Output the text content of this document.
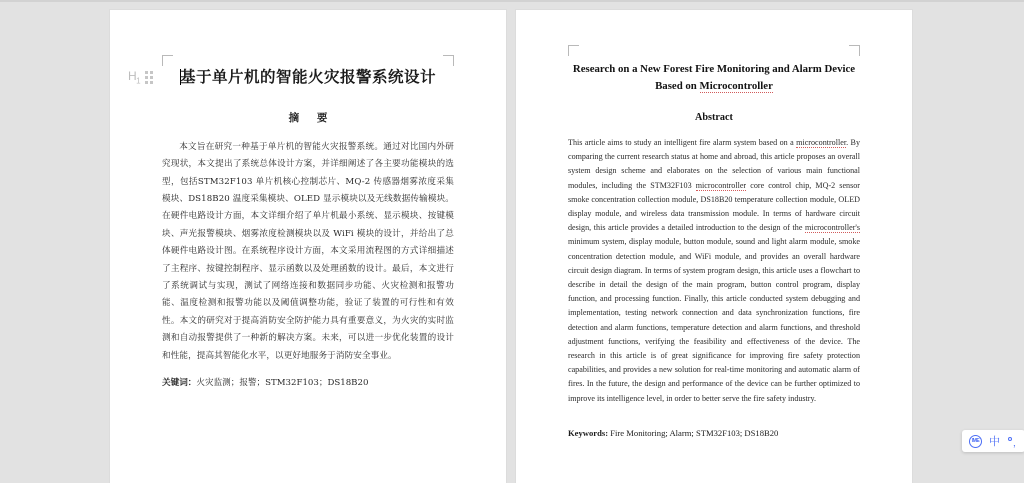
$H_1$	基于单片机的智能火灾报警系统设计
摘 要
本文旨在研究一种基于单片机的智能火灾报警系统。通过对比国内外研究现状，本文提出了系统总体设计方案，并详细阐述了各主要功能模块的选型，包括STM32F103 单片机核心控制芯片、MQ-2 传感器烟雾浓度采集模块、DS18B20 温度采集模块、OLED 显示模块以及无线数据传输模块。在硬件电路设计方面，本文详细介绍了单片机最小系统、显示模块、按键模块、声光报警模块、烟雾浓度检测模块以及 WiFi 模块的设计，并给出了总体硬件电路设计图。在系统程序设计方面，本文采用流程图的方式详细描述了主程序、按键控制程序、显示函数以及处理函数的设计。最后，本文进行了系统调试与实现，测试了网络连接和数据同步功能、火灾检测和报警功能、温度检测和报警功能以及阈值调整功能，验证了装置的可行性和有效性。本文的研究对于提高消防安全防护能力具有重要意义，为火灾的实时监测和自动报警提供了一种新的解决方案。未来，可以进一步优化装置的设计和性能，提高其智能化水平，以更好地服务于消防安全事业。
关键词：火灾监测；报警；STM32F103；DS18B20
Research on a New Forest Fire Monitoring and Alarm Device
Based on Microcontroller
Abstract
This article aims to study an intelligent fire alarm system based on a microcontroller. By comparing the current research status at home and abroad, this article proposes an overall system design scheme and elaborates on the selection of various main functional modules, including the STM32F103 microcontroller core control chip, MQ-2 sensor smoke concentration collection module, DS18B20 temperature collection module, OLED display module, and wireless data transmission module. In terms of hardware circuit design, this article provides a detailed introduction to the design of the microcontroller's minimum system, display module, button module, sound and light alarm module, smoke concentration detection module, and WiFi module, and provides an overall hardware circuit design diagram. In terms of system program design, this article uses a flowchart to describe in detail the design of the main program, button control program, display function, and processing function. Finally, this article conducted system debugging and implementation, testing network connection and data synchronization functions, fire detection and alarm functions, temperature detection and alarm functions, and threshold adjustment functions, verifying the feasibility and effectiveness of the device. The research in this article is of great significance for improving fire safety protection capabilities, and provides a new solution for real-time monitoring and automatic alarm of fires. In the future, the design and performance of the device can be further optimized to improve its intelligence level, in order to better serve the fire safety industry.
Keywords: Fire Monitoring; Alarm; STM32F103; DS18B20
IME 中 ，
